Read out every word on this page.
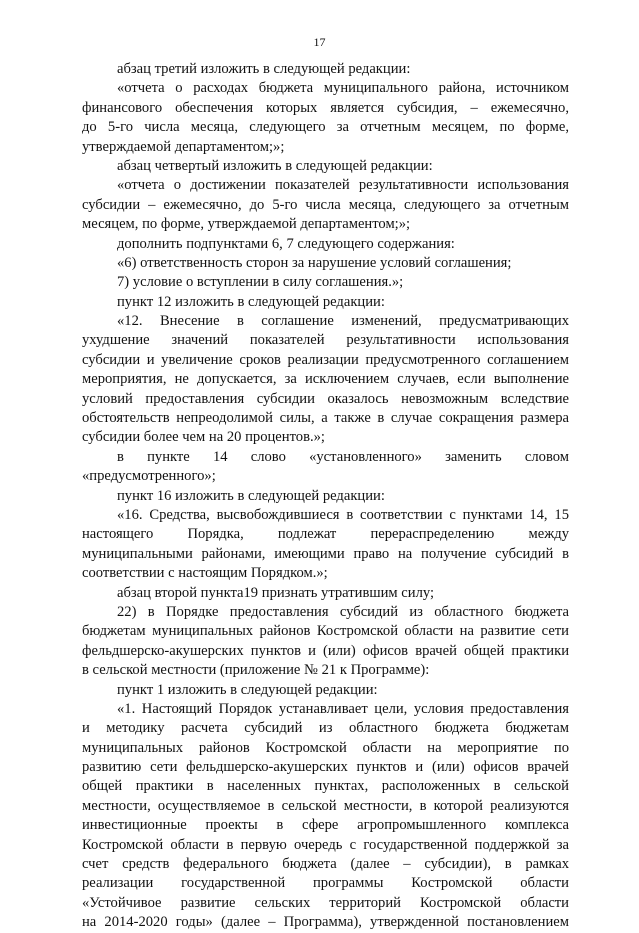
17
абзац третий изложить в следующей редакции:
«отчета о расходах бюджета муниципального района, источником
финансового обеспечения которых является субсидия, – ежемесячно,
до 5-го числа месяца, следующего за отчетным месяцем, по форме,
утверждаемой департаментом;»;
абзац четвертый изложить в следующей редакции:
«отчета о достижении показателей результативности использования
субсидии – ежемесячно, до 5-го числа месяца, следующего за отчетным
месяцем, по форме, утверждаемой департаментом;»;
дополнить подпунктами 6, 7 следующего содержания:
«6) ответственность сторон за нарушение условий соглашения;
7) условие о вступлении в силу соглашения.»;
пункт 12 изложить в следующей редакции:
«12. Внесение в соглашение изменений, предусматривающих
ухудшение значений показателей результативности использования
субсидии и увеличение сроков реализации предусмотренного соглашением
мероприятия, не допускается, за исключением случаев, если выполнение
условий предоставления субсидии оказалось невозможным вследствие
обстоятельств непреодолимой силы, а также в случае сокращения размера
субсидии более чем на 20 процентов.»;
в пункте 14 слово «установленного» заменить словом
«предусмотренного»;
пункт 16 изложить в следующей редакции:
«16. Средства, высвобождившиеся в соответствии с пунктами 14, 15
настоящего Порядка, подлежат перераспределению между
муниципальными районами, имеющими право на получение субсидий в
соответствии с настоящим Порядком.»;
абзац второй пункта19 признать утратившим силу;
22) в Порядке предоставления субсидий из областного бюджета
бюджетам муниципальных районов Костромской области на развитие сети
фельдшерско-акушерских пунктов и (или) офисов врачей общей практики
в сельской местности (приложение № 21 к Программе):
пункт 1 изложить в следующей редакции:
«1. Настоящий Порядок устанавливает цели, условия предоставления
и методику расчета субсидий из областного бюджета бюджетам
муниципальных районов Костромской области на мероприятие по
развитию сети фельдшерско-акушерских пунктов и (или) офисов врачей
общей практики в населенных пунктах, расположенных в сельской
местности, осуществляемое в сельской местности, в которой реализуются
инвестиционные проекты в сфере агропромышленного комплекса
Костромской области в первую очередь с государственной поддержкой за
счет средств федерального бюджета (далее – субсидии), в рамках
реализации государственной программы Костромской области
«Устойчивое развитие сельских территорий Костромской области
на 2014-2020 годы» (далее – Программа), утвержденной постановлением
